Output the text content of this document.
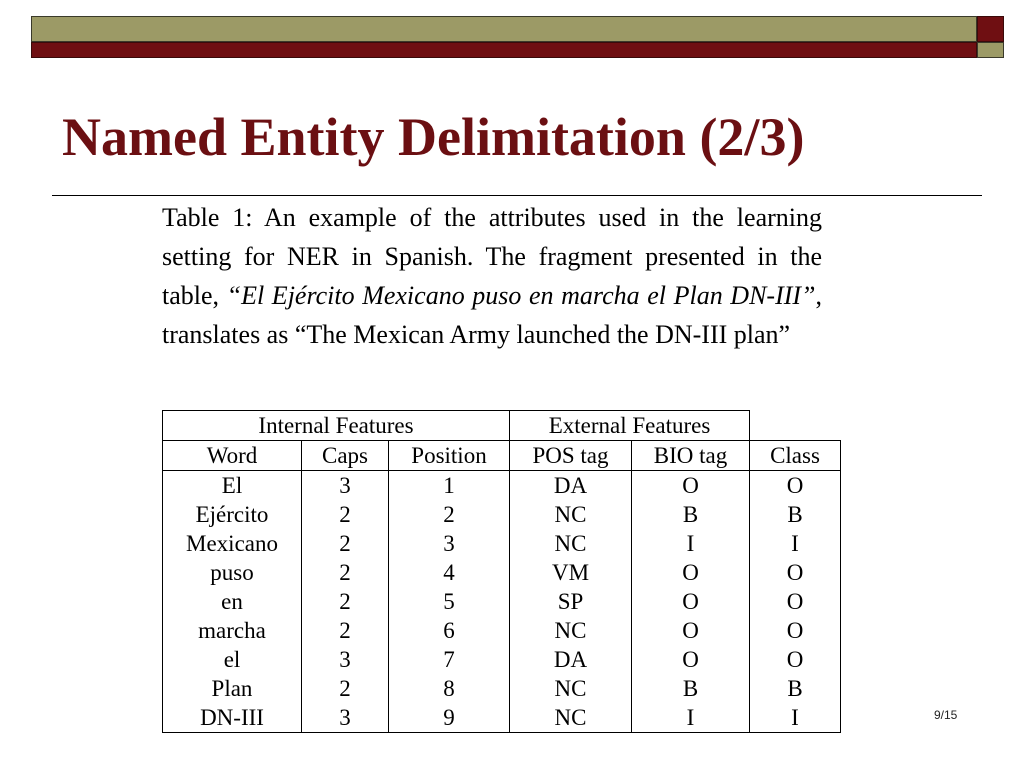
Named Entity Delimitation (2/3)
Table 1: An example of the attributes used in the learning setting for NER in Spanish. The fragment presented in the table, “El Ejército Mexicano puso en marcha el Plan DN-III”, translates as “The Mexican Army launched the DN-III plan”
Internal Features			External Features		
Word	Caps	Position	POS tag	BIO tag	Class
El	3	1	DA	O	O
Ejército	2	2	NC	B	B
Mexicano	2	3	NC	I	I
puso	2	4	VM	O	O
en	2	5	SP	O	O
marcha	2	6	NC	O	O
el	3	7	DA	O	O
Plan	2	8	NC	B	B
DN-III	3	9	NC	I	I	9/15
